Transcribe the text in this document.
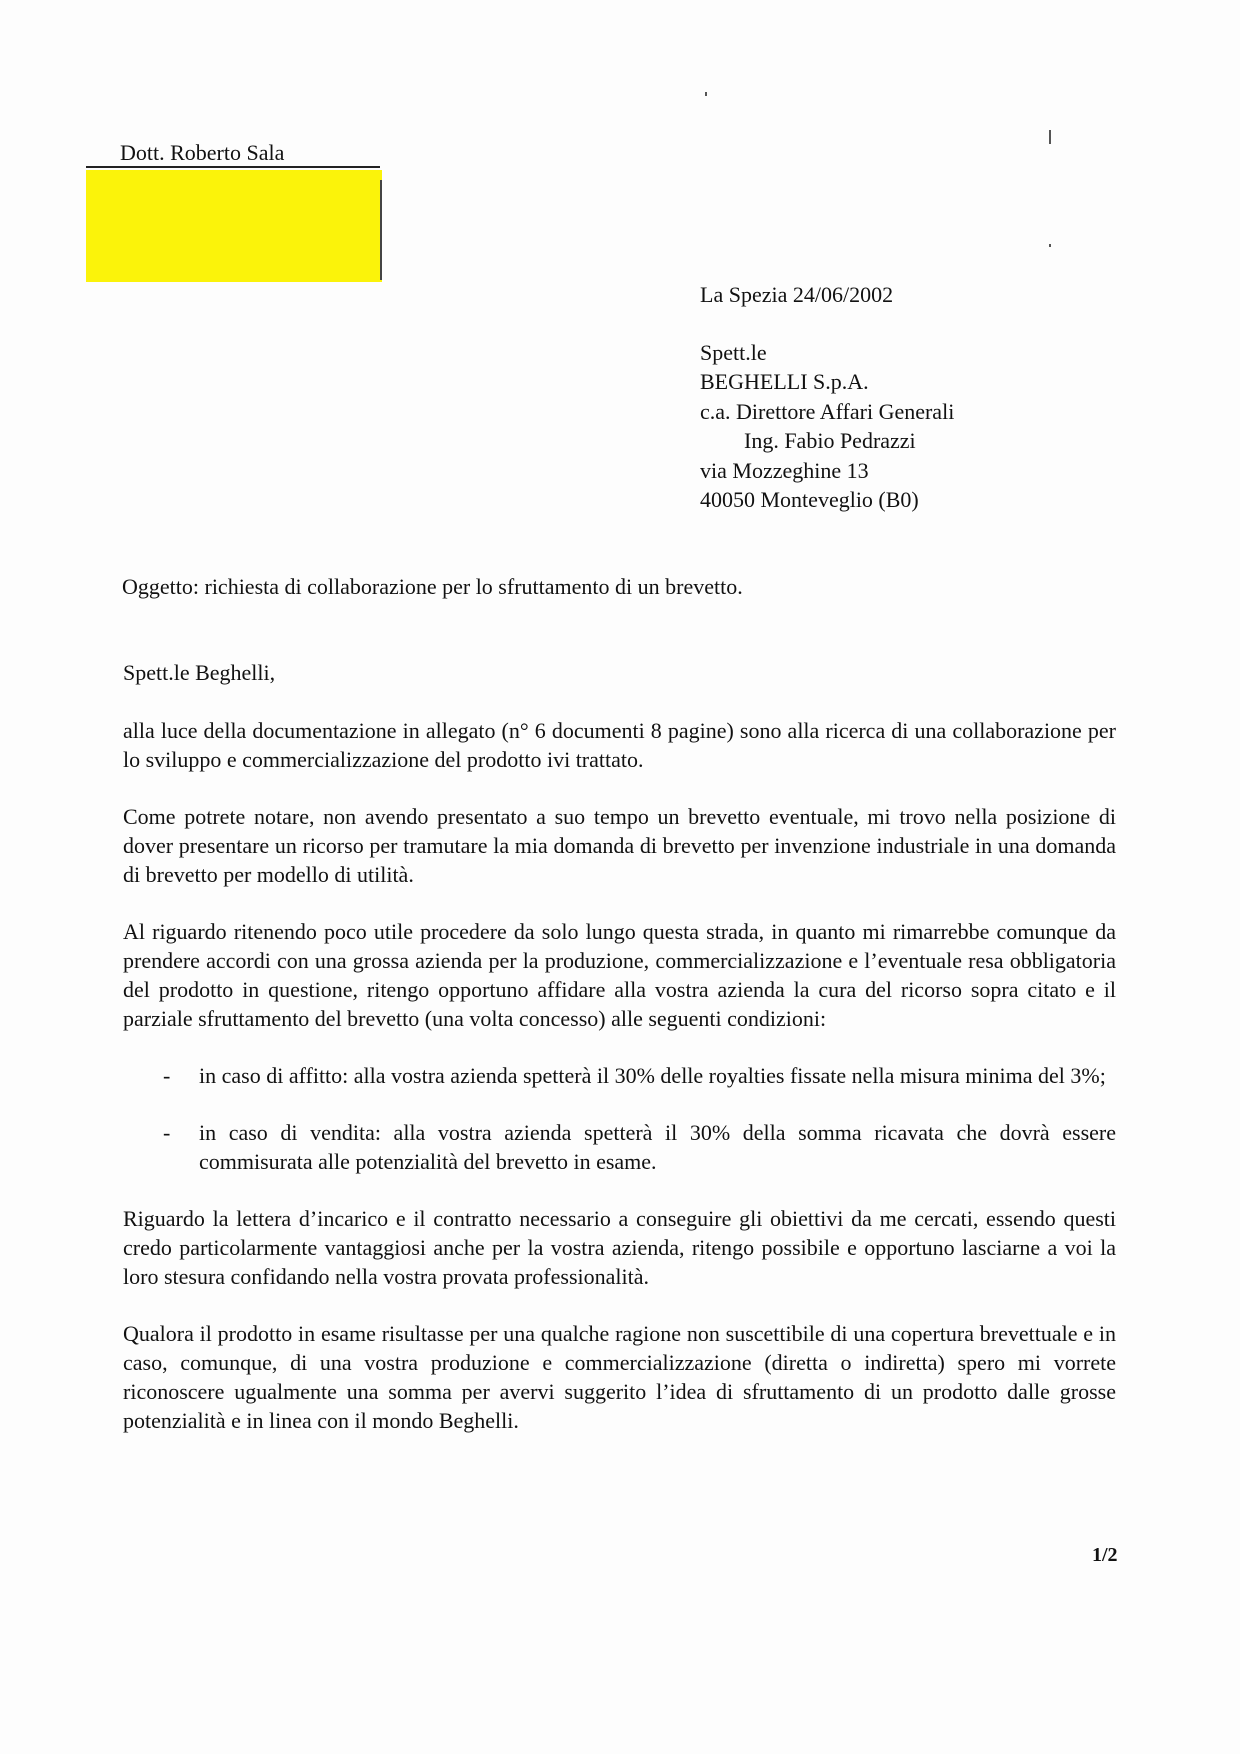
Dott. Roberto Sala
La Spezia 24/06/2002
Spett.le
BEGHELLI S.p.A.
c.a. Direttore Affari Generali
Ing. Fabio Pedrazzi
via Mozzeghine 13
40050 Monteveglio (B0)
Oggetto: richiesta di collaborazione per lo sfruttamento di un brevetto.
Spett.le Beghelli,

alla luce della documentazione in allegato (n° 6 documenti 8 pagine) sono alla ricerca di una collaborazione per lo sviluppo e commercializzazione del prodotto ivi trattato.

Come potrete notare, non avendo presentato a suo tempo un brevetto eventuale, mi trovo nella posizione di dover presentare un ricorso per tramutare la mia domanda di brevetto per invenzione industriale in una domanda di brevetto per modello di utilità.

Al riguardo ritenendo poco utile procedere da solo lungo questa strada, in quanto mi rimarrebbe comunque da prendere accordi con una grossa azienda per la produzione, commercializzazione e l’eventuale resa obbligatoria del prodotto in questione, ritengo opportuno affidare alla vostra azienda la cura del ricorso sopra citato e il parziale sfruttamento del brevetto (una volta concesso) alle seguenti condizioni:

- in caso di affitto: alla vostra azienda spetterà il 30% delle royalties fissate nella misura minima del 3%;
- in caso di vendita: alla vostra azienda spetterà il 30% della somma ricavata che dovrà essere commisurata alle potenzialità del brevetto in esame.

Riguardo la lettera d’incarico e il contratto necessario a conseguire gli obiettivi da me cercati, essendo questi credo particolarmente vantaggiosi anche per la vostra azienda, ritengo possibile e opportuno lasciarne a voi la loro stesura confidando nella vostra provata professionalità.

Qualora il prodotto in esame risultasse per una qualche ragione non suscettibile di una copertura brevettuale e in caso, comunque, di una vostra produzione e commercializzazione (diretta o indiretta) spero mi vorrete riconoscere ugualmente una somma per avervi suggerito l’idea di sfruttamento di un prodotto dalle grosse potenzialità e in linea con il mondo Beghelli.

1/2
